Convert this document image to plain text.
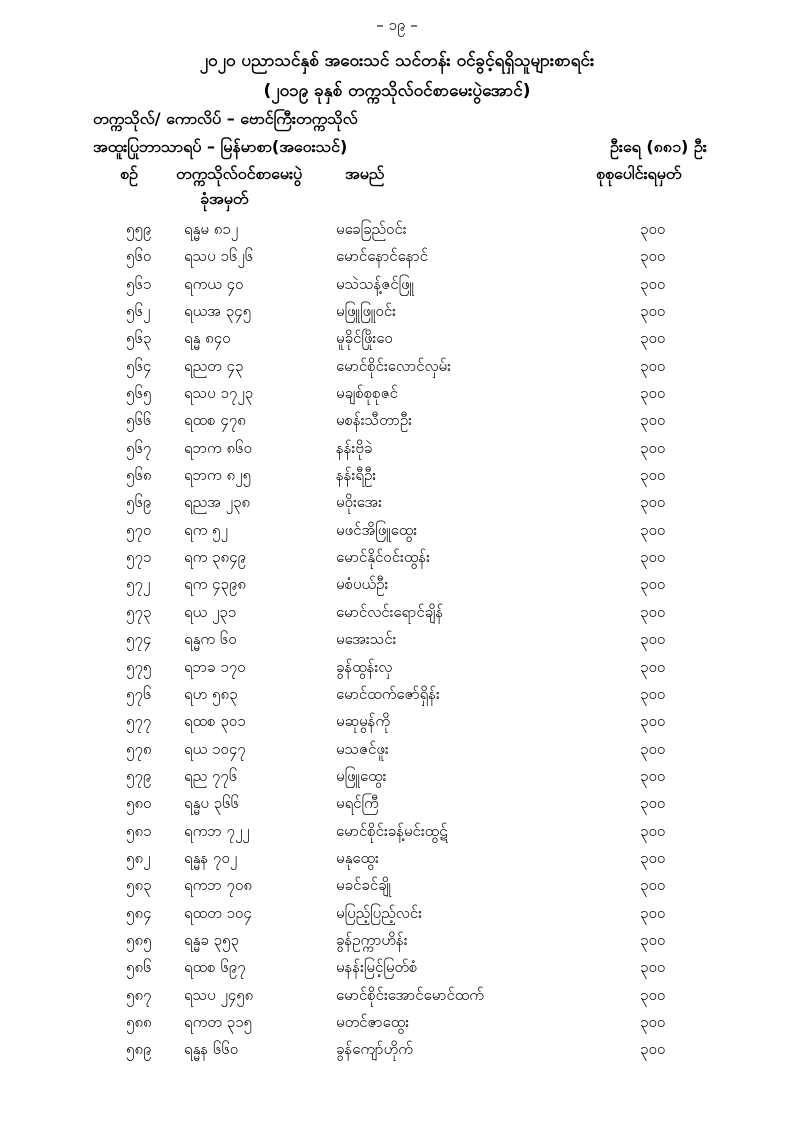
– ၁၉ –
၂၀၂၀ ပညာသင်နှစ် အဝေးသင် သင်တန်း ဝင်ခွင့်ရရှိသူများစာရင်း
(၂၀၁၉ ခုနှစ် တက္ကသိုလ်ဝင်စာမေးပွဲအောင်)
တက္ကသိုလ်/ ကောလိပ် – ဗောင်ကြီးတက္ကသိုလ်
အထူးပြုဘာသာရပ် – မြန်မာစာ(အဝေးသင်)	ဦးရေ (၈၈၁) ဦး
စဉ် တက္ကသိုလ်ဝင်စာမေးပွဲ
ခုံအမှတ်
အမည်	စုစုပေါင်းရမှတ်
၅၅၉ ရန္မမ ၈၁၂	မခေခြည်ဝင်း	၃၀၀
၅၆၀ ရသပ ၁၆၂၆	မောင်နောင်နောင်	၃၀၀
၅၆၁ ရကယ ၄၀	မသဲသန့်ဇင်ဖြူ	၃၀၀
၅၆၂ ရယအ ၃၄၅	မဖြူဖြူဝင်း	၃၀၀
၅၆၃ ရန္မ ၈၄၀	မူခိုင်ဖြိုးဝေ	၃၀၀
၅၆၄ ရညတ ၄၃	မောင်စိုင်းလောင်လှမ်း	၃၀၀
၅၆၅ ရသပ ၁၇၂၃	မချစ်စုစုဇင်	၃၀၀
၅၆၆ ရထစ ၄၇၈	မစန်းသီတာဦး	၃၀၀
၅၆၇ ရဘက ၈၆၀	နန်းဗိုခဲ	၃၀၀
၅၆၈ ရဘက ၈၂၅	နန်းရီဦး	၃၀၀
၅၆၉ ရညအ ၂၃၈	မဝိုးအေး	၃၀၀
၅၇၀ ရက ၅၂	မဖင်အိဖြူထွေး	၃၀၀
၅၇၁ ရက ၃၈၄၉	မောင်နိုင်ဝင်းထွန်း	၃၀၀
၅၇၂ ရက ၄၃၉၈	မစံပယ်ဦး	၃၀၀
၅၇၃ ရယ ၂၃၁	မောင်လင်းရောင်ချိန်	၃၀၀
၅၇၄ ရန္မက ၆၀	မအေးသင်း	၃၀၀
၅၇၅ ရဘခ ၁၇၀	ခွန်ထွန်းလှ	၃၀၀
၅၇၆ ရဟ ၅၈၃	မောင်ထက်ဇော်ရှိန်း	၃၀၀
၅၇၇ ရထစ ၃၀၁	မဆုမွန်ကို	၃၀၀
၅၇၈ ရယ ၁၀၄၇	မသဇင်ဖူး	၃၀၀
၅၇၉ ရည ၇၇၆	မဖြူထွေး	၃၀၀
၅၈၀ ရန္မပ ၃၆၆	မရင်ကြီ	၃၀၀
၅၈၁ ရကဘ ၇၂၂	မောင်စိုင်းခန့်မင်းထွဋ်	၃၀၀
၅၈၂ ရန္မန ၇၀၂	မနုထွေး	၃၀၀
၅၈၃ ရကဘ ၇၀၈	မခင်ခင်ချို	၃၀၀
၅၈၄ ရထတ ၁၀၄	မပြည့်ပြည့်လင်း	၃၀၀
၅၈၅ ရန္မခ ၃၅၃	ခွန်ဥက္ကာဟိန်း	၃၀၀
၅၈၆ ရထစ ၆၉၇	မနန်းမြင့်မြတ်စံ	၃၀၀
၅၈၇ ရသပ ၂၄၅၈	မောင်စိုင်းအောင်မောင်ထက်	၃၀၀
၅၈၈ ရကတ ၃၁၅	မတင်ဇာထွေး	၃၀၀
၅၈၉ ရန္မန ၆၆၀	ခွန်ကျော်ဟိုက်	၃၀၀
